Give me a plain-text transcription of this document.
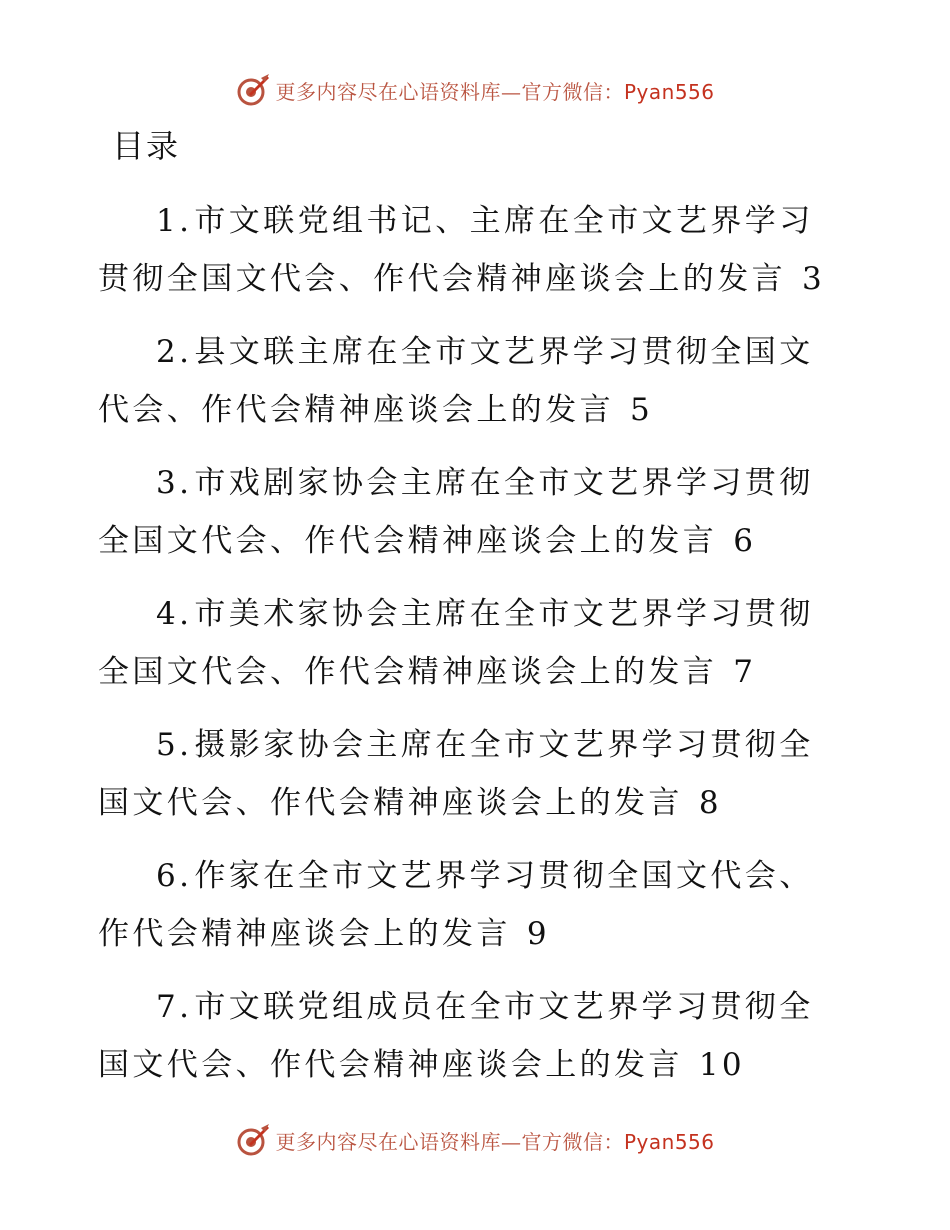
更多内容尽在心语资料库—官方微信：Pyan556
目录
1.市文联党组书记、主席在全市文艺界学习贯彻全国文代会、作代会精神座谈会上的发言 3
2.县文联主席在全市文艺界学习贯彻全国文代会、作代会精神座谈会上的发言 5
3.市戏剧家协会主席在全市文艺界学习贯彻全国文代会、作代会精神座谈会上的发言 6
4.市美术家协会主席在全市文艺界学习贯彻全国文代会、作代会精神座谈会上的发言 7
5.摄影家协会主席在全市文艺界学习贯彻全国文代会、作代会精神座谈会上的发言 8
6.作家在全市文艺界学习贯彻全国文代会、作代会精神座谈会上的发言 9
7.市文联党组成员在全市文艺界学习贯彻全国文代会、作代会精神座谈会上的发言 10
更多内容尽在心语资料库—官方微信：Pyan556
